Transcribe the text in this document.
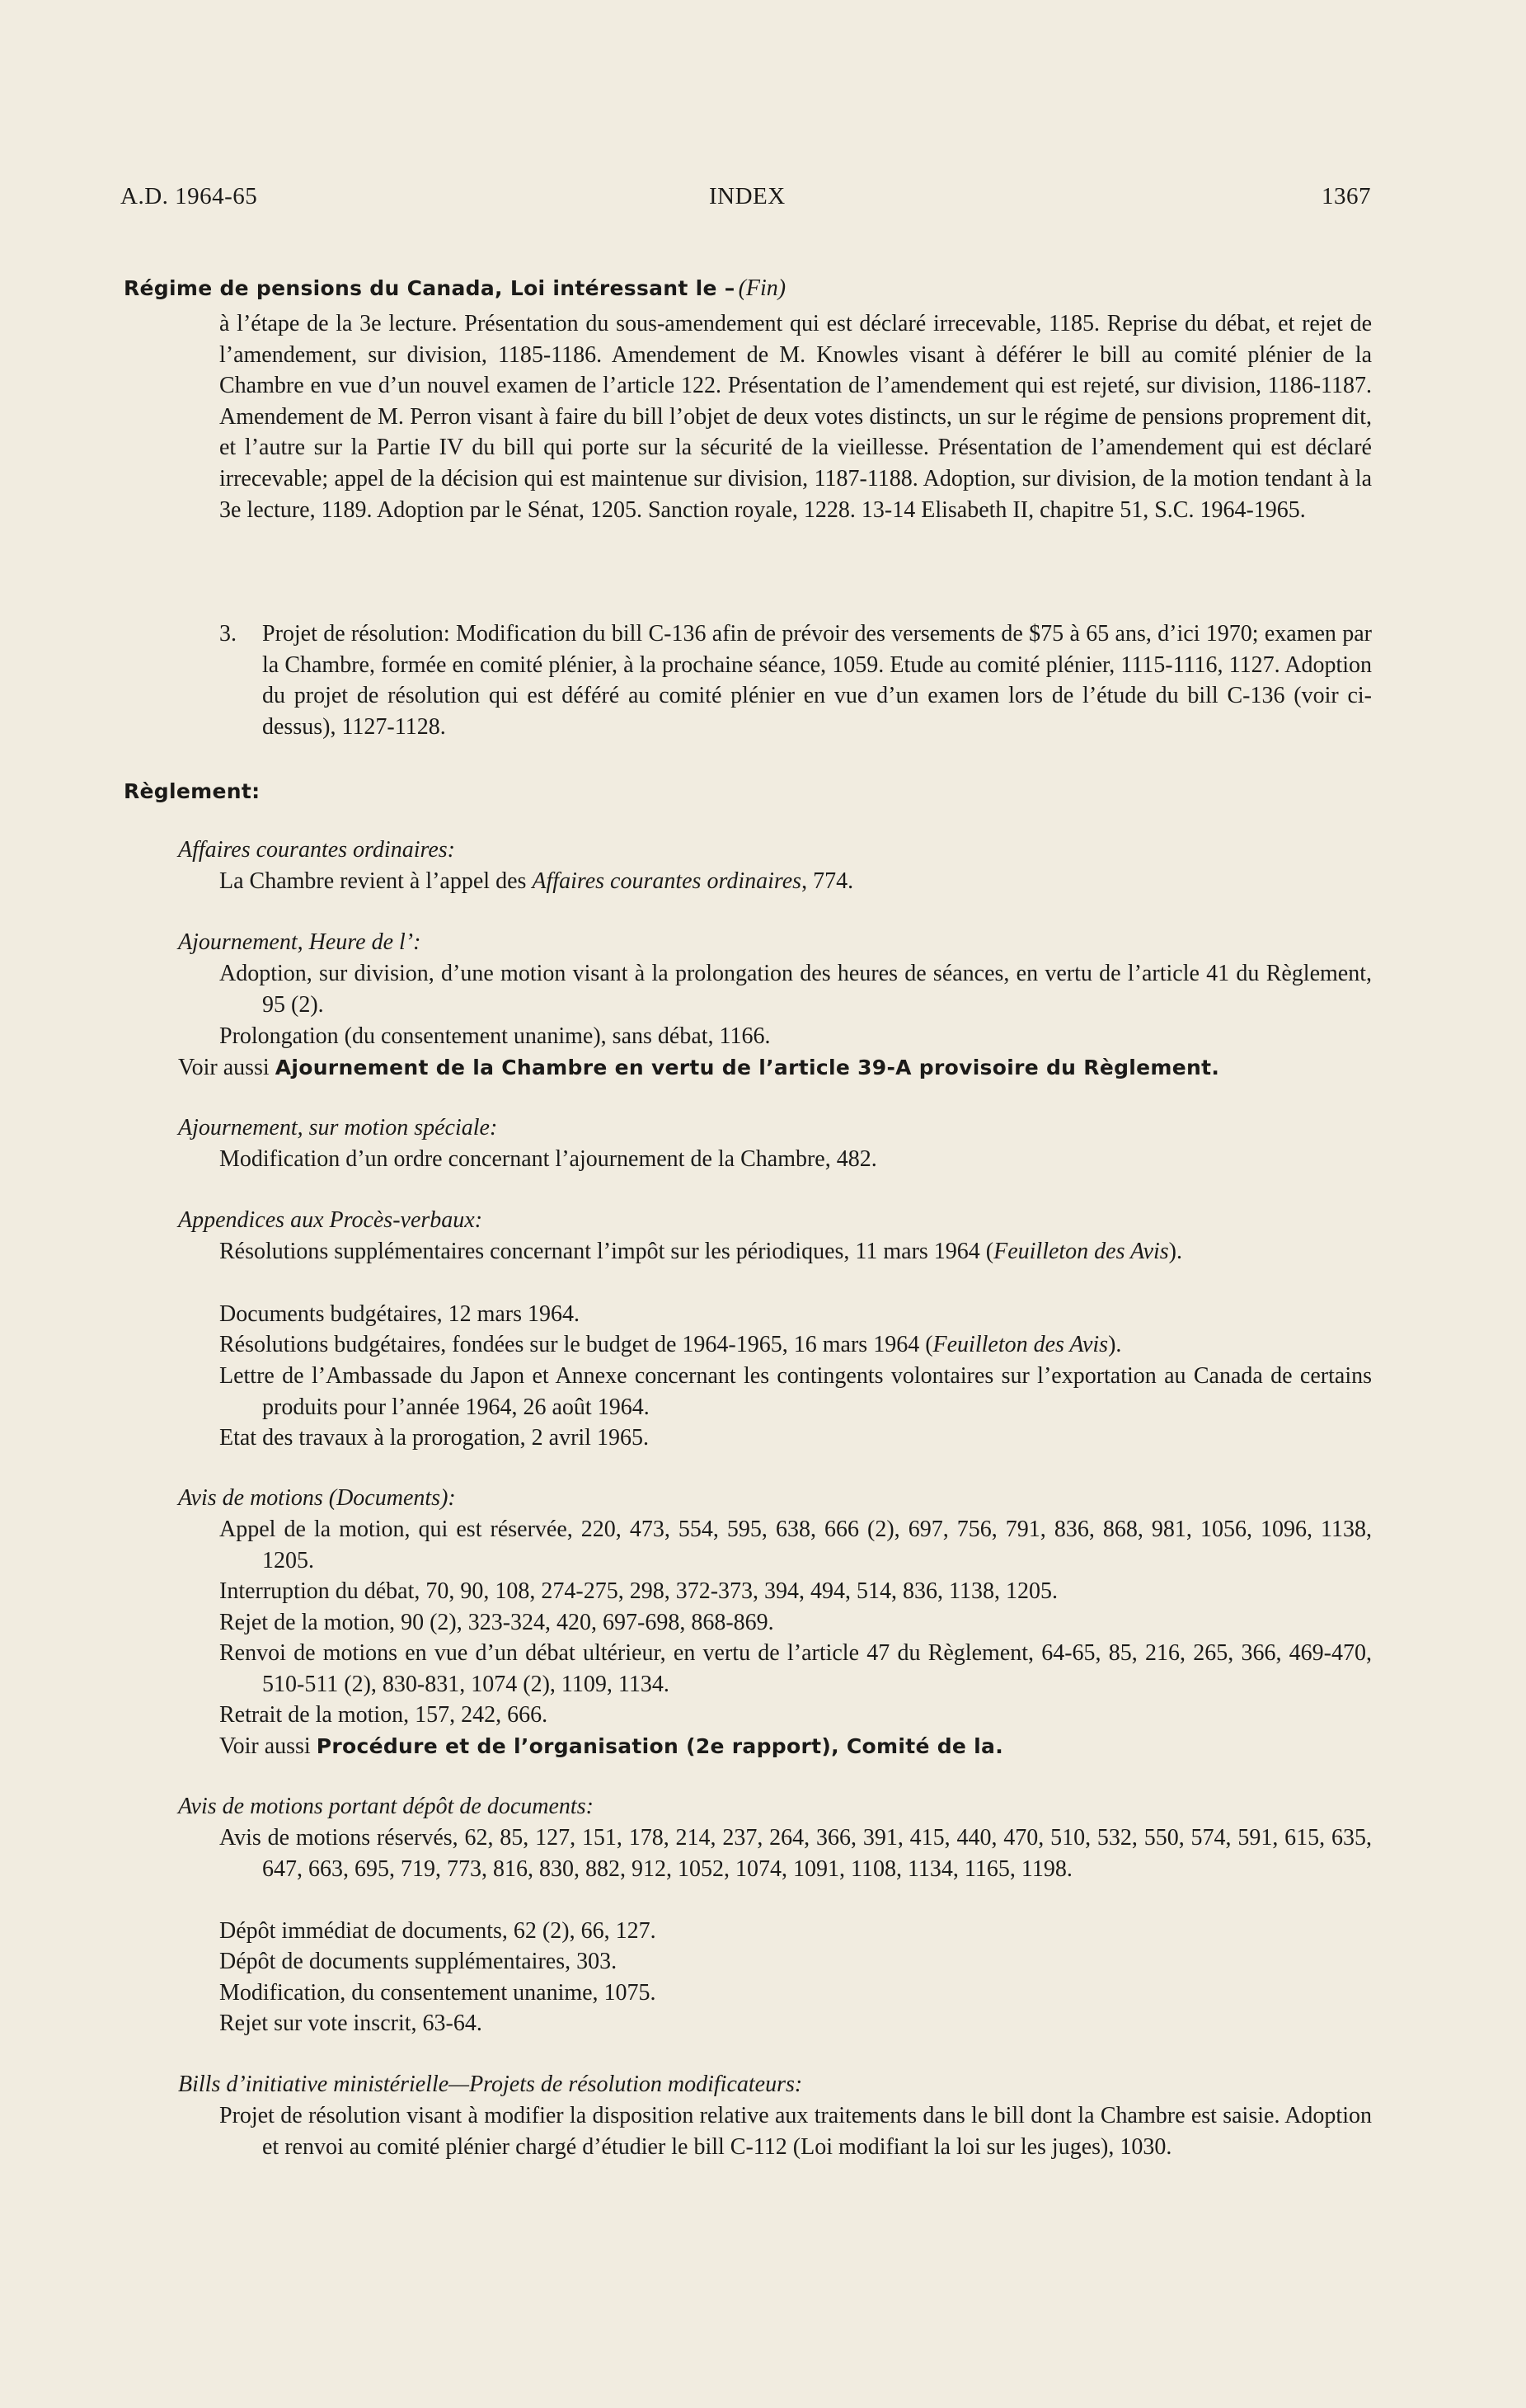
A.D. 1964-65	INDEX	1367
Régime de pensions du Canada, Loi intéressant le – (Fin)
à l’étape de la 3e lecture. Présentation du sous-amendement qui est déclaré irrecevable, 1185. Reprise du débat, et rejet de l’amendement, sur division, 1185-1186. Amendement de M. Knowles visant à déférer le bill au comité plénier de la Chambre en vue d’un nouvel examen de l’article 122. Présentation de l’amendement qui est rejeté, sur division, 1186-1187. Amendement de M. Perron visant à faire du bill l’objet de deux votes distincts, un sur le régime de pensions proprement dit, et l’autre sur la Partie IV du bill qui porte sur la sécurité de la vieillesse. Présentation de l’amendement qui est déclaré irrecevable; appel de la décision qui est maintenue sur division, 1187-1188. Adoption, sur division, de la motion tendant à la 3e lecture, 1189. Adoption par le Sénat, 1205. Sanction royale, 1228. 13-14 Elisabeth II, chapitre 51, S.C. 1964-1965.
3. Projet de résolution: Modification du bill C-136 afin de prévoir des versements de $75 à 65 ans, d’ici 1970; examen par la Chambre, formée en comité plénier, à la prochaine séance, 1059. Etude au comité plénier, 1115-1116, 1127. Adoption du projet de résolution qui est déféré au comité plénier en vue d’un examen lors de l’étude du bill C-136 (voir ci-dessus), 1127-1128.
Règlement:
Affaires courantes ordinaires:
La Chambre revient à l’appel des Affaires courantes ordinaires, 774.
Ajournement, Heure de l’:
Adoption, sur division, d’une motion visant à la prolongation des heures de séances, en vertu de l’article 41 du Règlement, 95 (2).
Prolongation (du consentement unanime), sans débat, 1166.
Voir aussi Ajournement de la Chambre en vertu de l’article 39-A provisoire du Règlement.
Ajournement, sur motion spéciale:
Modification d’un ordre concernant l’ajournement de la Chambre, 482.
Appendices aux Procès-verbaux:
Résolutions supplémentaires concernant l’impôt sur les périodiques, 11 mars 1964 (Feuilleton des Avis).
Documents budgétaires, 12 mars 1964.
Résolutions budgétaires, fondées sur le budget de 1964-1965, 16 mars 1964 (Feuilleton des Avis).
Lettre de l’Ambassade du Japon et Annexe concernant les contingents volontaires sur l’exportation au Canada de certains produits pour l’année 1964, 26 août 1964.
Etat des travaux à la prorogation, 2 avril 1965.
Avis de motions (Documents):
Appel de la motion, qui est réservée, 220, 473, 554, 595, 638, 666 (2), 697, 756, 791, 836, 868, 981, 1056, 1096, 1138, 1205.
Interruption du débat, 70, 90, 108, 274-275, 298, 372-373, 394, 494, 514, 836, 1138, 1205.
Rejet de la motion, 90 (2), 323-324, 420, 697-698, 868-869.
Renvoi de motions en vue d’un débat ultérieur, en vertu de l’article 47 du Règlement, 64-65, 85, 216, 265, 366, 469-470, 510-511 (2), 830-831, 1074 (2), 1109, 1134.
Retrait de la motion, 157, 242, 666.
Voir aussi Procédure et de l’organisation (2e rapport), Comité de la.
Avis de motions portant dépôt de documents:
Avis de motions réservés, 62, 85, 127, 151, 178, 214, 237, 264, 366, 391, 415, 440, 470, 510, 532, 550, 574, 591, 615, 635, 647, 663, 695, 719, 773, 816, 830, 882, 912, 1052, 1074, 1091, 1108, 1134, 1165, 1198.
Dépôt immédiat de documents, 62 (2), 66, 127.
Dépôt de documents supplémentaires, 303.
Modification, du consentement unanime, 1075.
Rejet sur vote inscrit, 63-64.
Bills d’initiative ministérielle—Projets de résolution modificateurs:
Projet de résolution visant à modifier la disposition relative aux traitements dans le bill dont la Chambre est saisie. Adoption et renvoi au comité plénier chargé d’étudier le bill C-112 (Loi modifiant la loi sur les juges), 1030.
